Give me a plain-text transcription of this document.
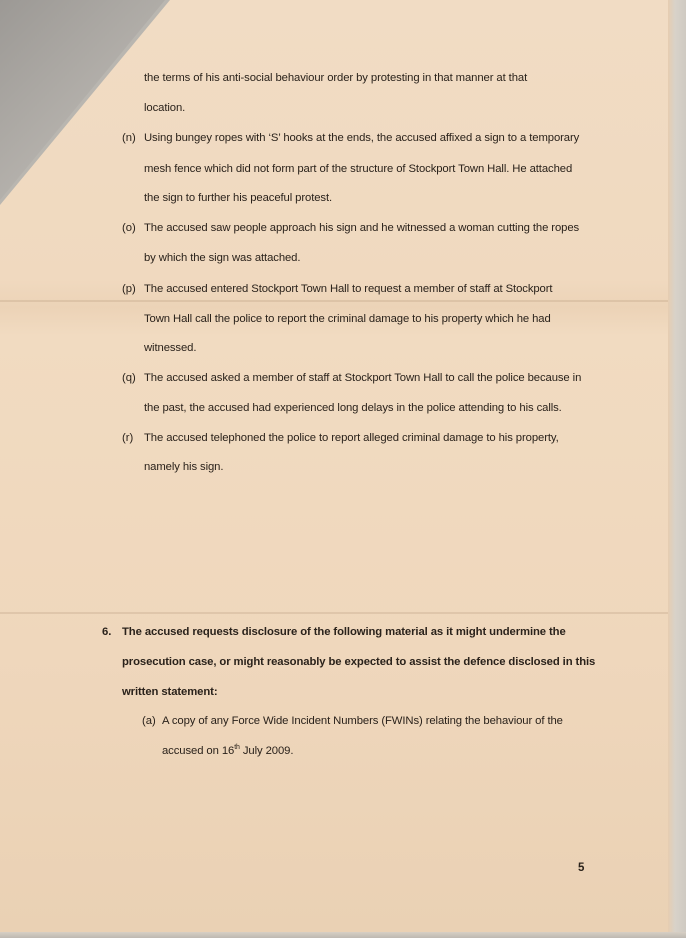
the terms of his anti-social behaviour order by protesting in that manner at that
location.
(n) Using bungey ropes with ‘S’ hooks at the ends, the accused affixed a sign to a temporary
mesh fence which did not form part of the structure of Stockport Town Hall. He attached
the sign to further his peaceful protest.
(o) The accused saw people approach his sign and he witnessed a woman cutting the ropes
by which the sign was attached.
(p) The accused entered Stockport Town Hall to request a member of staff at Stockport
Town Hall call the police to report the criminal damage to his property which he had
witnessed.
(q) The accused asked a member of staff at Stockport Town Hall to call the police because in
the past, the accused had experienced long delays in the police attending to his calls.
(r) The accused telephoned the police to report alleged criminal damage to his property,
namely his sign.
6. The accused requests disclosure of the following material as it might undermine the
prosecution case, or might reasonably be expected to assist the defence disclosed in this
written statement:
(a) A copy of any Force Wide Incident Numbers (FWINs) relating the behaviour of the
accused on 16th July 2009.
5
